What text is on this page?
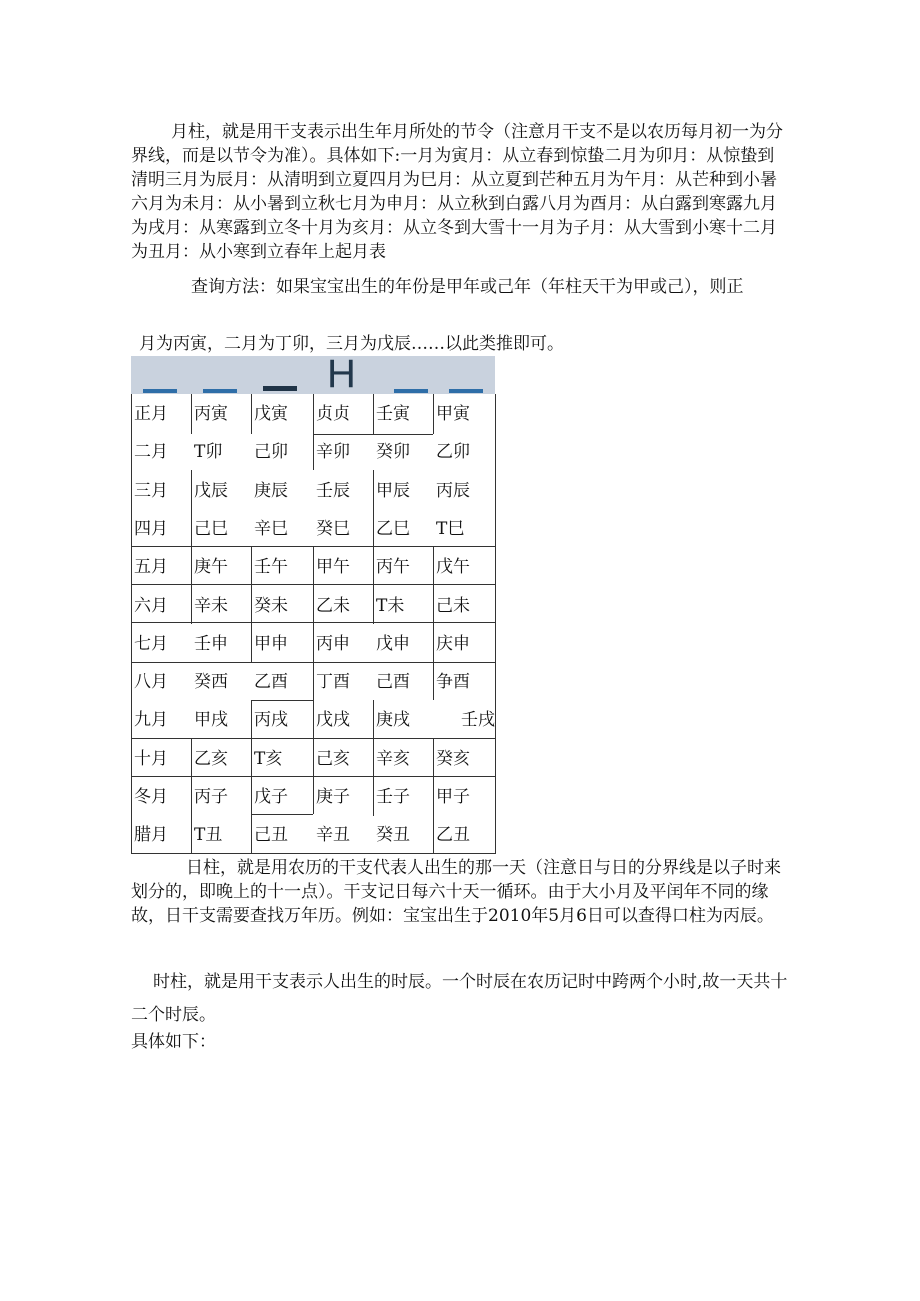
月柱，就是用干支表示出生年月所处的节令（注意月干支不是以农历每月初一为分界线，而是以节令为准）。具体如下:一月为寅月：从立春到惊蛰二月为卯月：从惊蛰到清明三月为辰月：从清明到立夏四月为巳月：从立夏到芒种五月为午月：从芒种到小暑六月为未月：从小暑到立秋七月为申月：从立秋到白露八月为酉月：从白露到寒露九月为戌月：从寒露到立冬十月为亥月：从立冬到大雪十一月为子月：从大雪到小寒十二月为丑月：从小寒到立春年上起月表

查询方法：如果宝宝出生的年份是甲年或己年（年柱天干为甲或己），则正

月为丙寅，二月为丁卯，三月为戊辰……以此类推即可。

H
正月 丙寅 戊寅 贞贞 壬寅 甲寅
二月 T卯 己卯 辛卯 癸卯 乙卯
三月 戊辰 庚辰 壬辰 甲辰 丙辰
四月 己巳 辛巳 癸巳 乙巳 T巳
五月 庚午 壬午 甲午 丙午 戊午
六月 辛未 癸未 乙未 T未 己未
七月 壬申 甲申 丙申 戊申 庆申
八月 癸西 乙酉 丁酉 己酉 争酉
九月 甲戌 丙戌 戊戌 庚戌	壬戌
十月 乙亥 T亥 己亥 辛亥 癸亥
冬月 丙子 戊子 庚子 壬子 甲子
腊月 T丑 己丑 辛丑 癸丑 乙丑

日柱，就是用农历的干支代表人出生的那一天（注意日与日的分界线是以子时来划分的，即晚上的十一点）。干支记日每六十天一循环。由于大小月及平闰年不同的缘故，日干支需要查找万年历。例如：宝宝出生于2010年5月6日可以查得口柱为丙辰。

时柱，就是用干支表示人出生的时辰。一个时辰在农历记时中跨两个小时,故一天共十二个时辰。

具体如下：
